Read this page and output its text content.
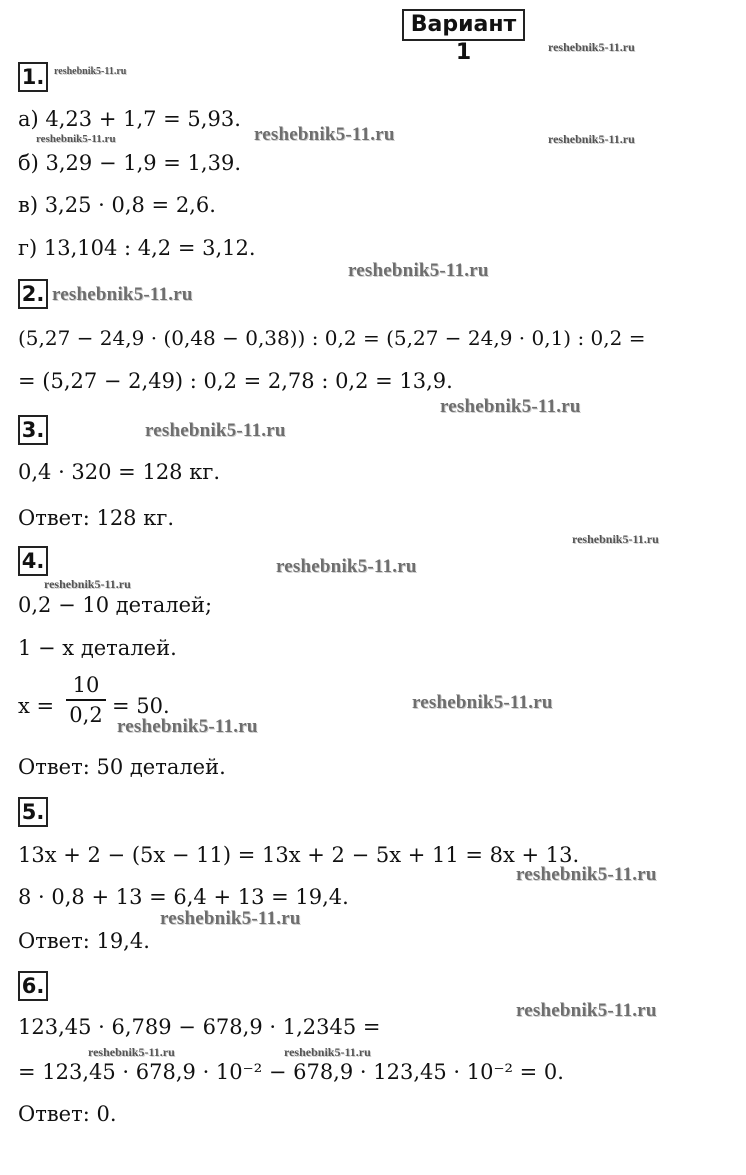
Вариант 1
1.
а) 4,23 + 1,7 = 5,93.
б) 3,29 − 1,9 = 1,39.
в) 3,25 · 0,8 = 2,6.
г) 13,104 : 4,2 = 3,12.
2.
(5,27 − 24,9 · (0,48 − 0,38)) : 0,2 = (5,27 − 24,9 · 0,1) : 0,2 =
= (5,27 − 2,49) : 0,2 = 2,78 : 0,2 = 13,9.
3.
0,4 · 320 = 128 кг.
Ответ: 128 кг.
4.
0,2 − 10 деталей;
1 − x деталей.
x =
10
0,2 = 50.
Ответ: 50 деталей.
5.
13x + 2 − (5x − 11) = 13x + 2 − 5x + 11 = 8x + 13.
8 · 0,8 + 13 = 6,4 + 13 = 19,4.
Ответ: 19,4.
6.
123,45 · 6,789 − 678,9 · 1,2345 =
= 123,45 · 678,9 · 10⁻² − 678,9 · 123,45 · 10⁻² = 0.
Ответ: 0.
reshebnik5-11.ru
reshebnik5-11.ru
reshebnik5-11.ru	reshebnik5-11.ru	reshebnik5-11.ru
reshebnik5-11.ru
reshebnik5-11.ru
reshebnik5-11.ru
reshebnik5-11.ru
reshebnik5-11.ru
reshebnik5-11.ru
reshebnik5-11.ru
reshebnik5-11.ru
reshebnik5-11.ru
reshebnik5-11.ru
reshebnik5-11.ru
reshebnik5-11.ru
reshebnik5-11.ru	reshebnik5-11.ru
